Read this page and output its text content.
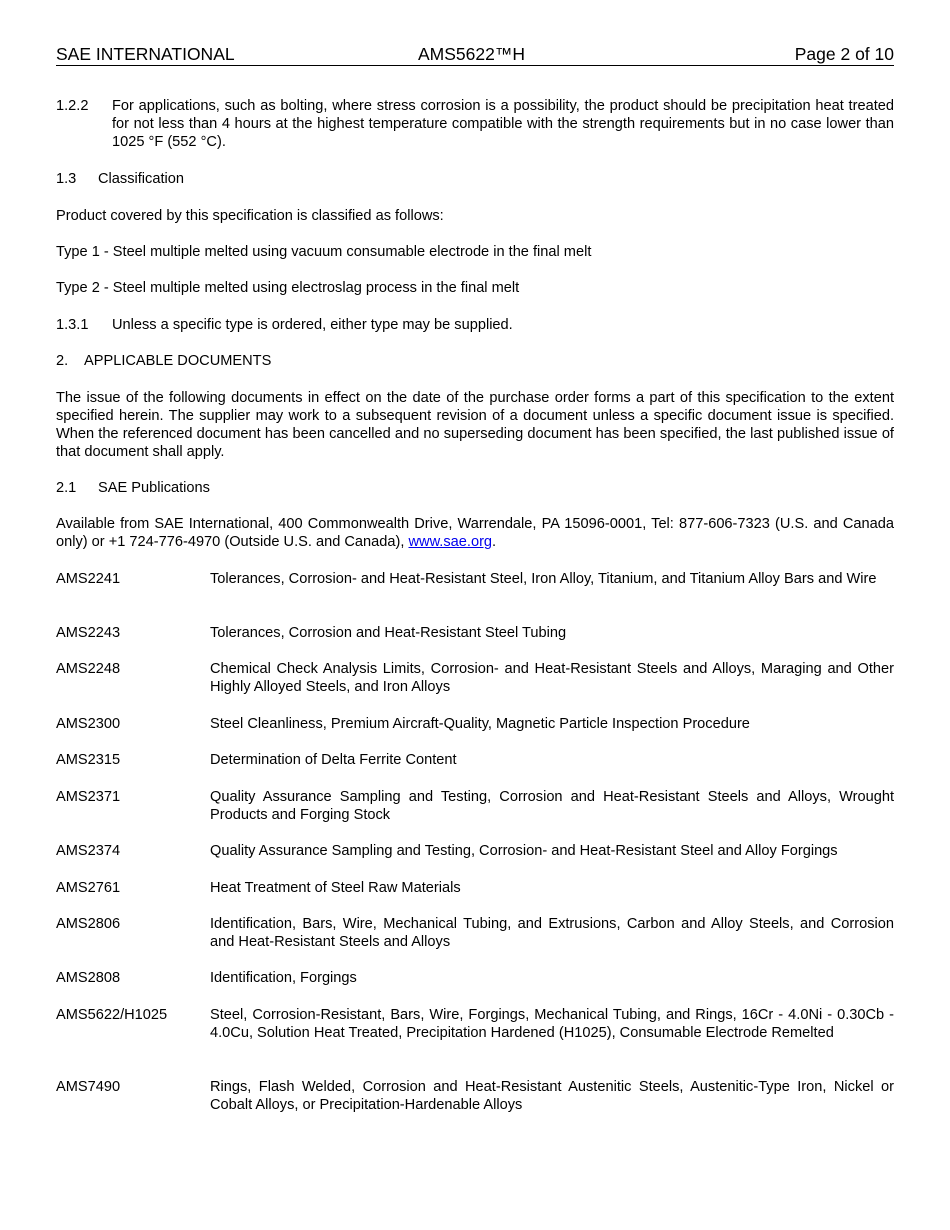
SAE INTERNATIONAL	AMS5622™H	Page 2 of 10
1.2.2 For applications, such as bolting, where stress corrosion is a possibility, the product should be precipitation heat treated for not less than 4 hours at the highest temperature compatible with the strength requirements but in no case lower than 1025 °F (552 °C).
1.3 Classification
Product covered by this specification is classified as follows:
Type 1 - Steel multiple melted using vacuum consumable electrode in the final melt
Type 2 - Steel multiple melted using electroslag process in the final melt
1.3.1 Unless a specific type is ordered, either type may be supplied.
2. APPLICABLE DOCUMENTS
The issue of the following documents in effect on the date of the purchase order forms a part of this specification to the extent specified herein. The supplier may work to a subsequent revision of a document unless a specific document issue is specified. When the referenced document has been cancelled and no superseding document has been specified, the last published issue of that document shall apply.
2.1 SAE Publications
Available from SAE International, 400 Commonwealth Drive, Warrendale, PA 15096-0001, Tel: 877-606-7323 (U.S. and Canada only) or +1 724-776-4970 (Outside U.S. and Canada), www.sae.org.
AMS2241	Tolerances, Corrosion- and Heat-Resistant Steel, Iron Alloy, Titanium, and Titanium Alloy Bars and Wire
AMS2243	Tolerances, Corrosion and Heat-Resistant Steel Tubing
AMS2248	Chemical Check Analysis Limits, Corrosion- and Heat-Resistant Steels and Alloys, Maraging and Other Highly Alloyed Steels, and Iron Alloys
AMS2300	Steel Cleanliness, Premium Aircraft-Quality, Magnetic Particle Inspection Procedure
AMS2315	Determination of Delta Ferrite Content
AMS2371	Quality Assurance Sampling and Testing, Corrosion and Heat-Resistant Steels and Alloys, Wrought Products and Forging Stock
AMS2374	Quality Assurance Sampling and Testing, Corrosion- and Heat-Resistant Steel and Alloy Forgings
AMS2761	Heat Treatment of Steel Raw Materials
AMS2806	Identification, Bars, Wire, Mechanical Tubing, and Extrusions, Carbon and Alloy Steels, and Corrosion and Heat-Resistant Steels and Alloys
AMS2808	Identification, Forgings
AMS5622/H1025	Steel, Corrosion-Resistant, Bars, Wire, Forgings, Mechanical Tubing, and Rings, 16Cr - 4.0Ni - 0.30Cb - 4.0Cu, Solution Heat Treated, Precipitation Hardened (H1025), Consumable Electrode Remelted
AMS7490	Rings, Flash Welded, Corrosion and Heat-Resistant Austenitic Steels, Austenitic-Type Iron, Nickel or Cobalt Alloys, or Precipitation-Hardenable Alloys
